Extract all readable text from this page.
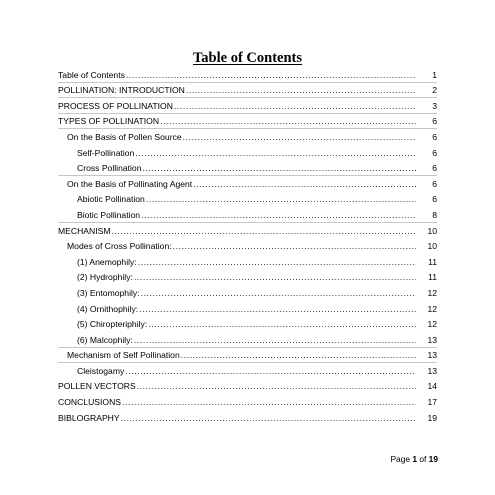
Table of Contents
Table of Contents .....	1
POLLINATION: INTRODUCTION .....	2
PROCESS OF POLLINATION .....	3
TYPES OF POLLINATION .....	6
On the Basis of Pollen Source .....	6
Self-Pollination .....	6
Cross Pollination .....	6
On the Basis of Pollinating Agent .....	6
Abiotic Pollination .....	6
Biotic Pollination .....	8
MECHANISM .....	10
Modes of Cross Pollination: .....	10
(1) Anemophily: .....	11
(2) Hydrophily: .....	11
(3) Entomophily: .....	12
(4) Ornithophily: .....	12
(5) Chiropteriphily: .....	12
(6) Malcophily: .....	13
Mechanism of Self Pollination .....	13
Cleistogamy .....	13
POLLEN VECTORS .....	14
CONCLUSIONS .....	17
BIBLOGRAPHY .....	19
Page 1 of 19
